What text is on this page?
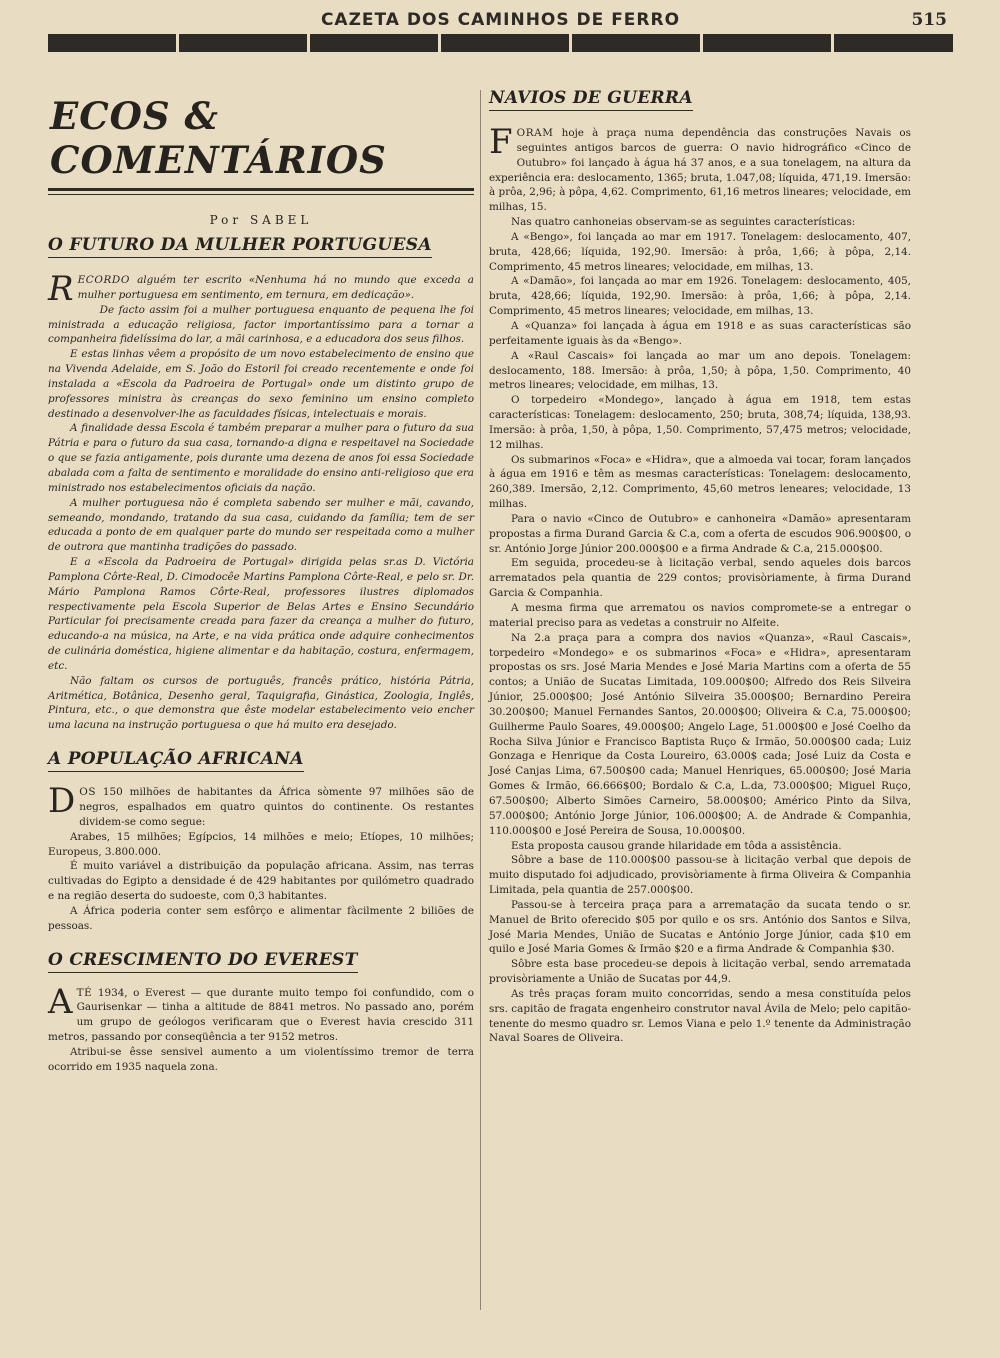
CAZETA DOS CAMINHOS DE FERRO	515
ECOS & COMENTÁRIOS
Por SABEL
O FUTURO DA MULHER PORTUGUESA

RECORDO alguém ter escrito «Nenhuma há no mundo que exceda a mulher portuguesa em sentimento, em ternura, em dedicação».

De facto assim foi a mulher portuguesa enquanto de pequena lhe foi ministrada a educação religiosa, factor importantíssimo para a tornar a companheira fidelíssima do lar, a mãi carinhosa, e a educadora dos seus filhos.

E estas linhas vêem a propósito de um novo estabelecimento de ensino que na Vivenda Adelaide, em S. João do Estoril foi creado recentemente e onde foi instalada a «Escola da Padroeira de Portugal» onde um distinto grupo de professores ministra às creanças do sexo feminino um ensino completo destinado a desenvolver-lhe as faculdades físicas, intelectuais e morais.

A finalidade dessa Escola é também preparar a mulher para o futuro da sua Pátria e para o futuro da sua casa, tornando-a digna e respeitavel na Sociedade o que se fazia antigamente, pois durante uma dezena de anos foi essa Sociedade abalada com a falta de sentimento e moralidade do ensino anti-religioso que era ministrado nos estabelecimentos oficiais da nação.

A mulher portuguesa não é completa sabendo ser mulher e mãi, cavando, semeando, mondando, tratando da sua casa, cuidando da família; tem de ser educada a ponto de em qualquer parte do mundo ser respeitada como a mulher de outrora que mantinha tradições do passado.

E a «Escola da Padroeira de Portugal» dirigida pelas sr.as D. Victória Pamplona Côrte-Real, D. Cimodocêe Martins Pamplona Côrte-Real, e pelo sr. Dr. Mário Pamplona Ramos Côrte-Real, professores ilustres diplomados respectivamente pela Escola Superior de Belas Artes e Ensino Secundário Particular foi precisamente creada para fazer da creança a mulher do futuro, educando-a na música, na Arte, e na vida prática onde adquire conhecimentos de culinária doméstica, higiene alimentar e da habitação, costura, enfermagem, etc.

Não faltam os cursos de português, francês prático, história Pátria, Aritmética, Botânica, Desenho geral, Taquigrafia, Ginástica, Zoologia, Inglês, Pintura, etc., o que demonstra que êste modelar estabelecimento veio encher uma lacuna na instrução portuguesa o que há muito era desejado.

A POPULAÇÃO AFRICANA

DOS 150 milhões de habitantes da África sòmente 97 milhões são de negros, espalhados em quatro quintos do continente. Os restantes dividem-se como segue:

Arabes, 15 milhões; Egípcios, 14 milhões e meio; Etíopes, 10 milhões; Europeus, 3.800.000.

É muito variável a distribuição da população africana. Assim, nas terras cultivadas do Egipto a densidade é de 429 habitantes por quilómetro quadrado e na região deserta do sudoeste, com 0,3 habitantes.

A África poderia conter sem esfôrço e alimentar fàcilmente 2 biliões de pessoas.

O CRESCIMENTO DO EVEREST

ATÉ 1934, o Everest — que durante muito tempo foi confundido, com o Gaurisenkar — tinha a altitude de 8841 metros. No passado ano, porém um grupo de geólogos verificaram que o Everest havia crescido 311 metros, passando por conseqüência a ter 9152 metros.

Atribui-se êsse sensivel aumento a um violentíssimo tremor de terra ocorrido em 1935 naquela zona.

NAVIOS DE GUERRA

FORAM hoje à praça numa dependência das construções Navais os seguintes antigos barcos de guerra: O navio hidrográfico «Cinco de Outubro» foi lançado à água há 37 anos, e a sua tonelagem, na altura da experiência era: deslocamento, 1365; bruta, 1.047,08; líquida, 471,19. Imersão: à prôa, 2,96; à pôpa, 4,62. Comprimento, 61,16 metros lineares; velocidade, em milhas, 15.

Nas quatro canhoneias observam-se as seguintes características:

A «Bengo», foi lançada ao mar em 1917. Tonelagem: deslocamento, 407, bruta, 428,66; líquida, 192,90. Imersão: à prôa, 1,66; à pôpa, 2,14. Comprimento, 45 metros lineares; velocidade, em milhas, 13.

A «Damão», foi lançada ao mar em 1926. Tonelagem: deslocamento, 405, bruta, 428,66; líquida, 192,90. Imersão: à prôa, 1,66; à pôpa, 2,14. Comprimento, 45 metros lineares; velocidade, em milhas, 13.

A «Quanza» foi lançada à água em 1918 e as suas características são perfeitamente iguais às da «Bengo».

A «Raul Cascais» foi lançada ao mar um ano depois. Tonelagem: deslocamento, 188. Imersão: à prôa, 1,50; à pôpa, 1,50. Comprimento, 40 metros lineares; velocidade, em milhas, 13.

O torpedeiro «Mondego», lançado à água em 1918, tem estas características: Tonelagem: deslocamento, 250; bruta, 308,74; líquida, 138,93. Imersão: à prôa, 1,50, à pôpa, 1,50. Comprimento, 57,475 metros; velocidade, 12 milhas.

Os submarinos «Foca» e «Hidra», que a almoeda vai tocar, foram lançados à água em 1916 e têm as mesmas características: Tonelagem: deslocamento, 260,389. Imersão, 2,12. Comprimento, 45,60 metros leneares; velocidade, 13 milhas.

Para o navio «Cinco de Outubro» e canhoneira «Damão» apresentaram propostas a firma Durand Garcia & C.a, com a oferta de escudos 906.900$00, o sr. António Jorge Júnior 200.000$00 e a firma Andrade & C.a, 215.000$00.

Em seguida, procedeu-se à licitação verbal, sendo aqueles dois barcos arrematados pela quantia de 229 contos; provisòriamente, à firma Durand Garcia & Companhia.

A mesma firma que arrematou os navios compromete-se a entregar o material preciso para as vedetas a construir no Alfeite.

Na 2.a praça para a compra dos navios «Quanza», «Raul Cascais», torpedeiro «Mondego» e os submarinos «Foca» e «Hidra», apresentaram propostas os srs. José Maria Mendes e José Maria Martins com a oferta de 55 contos; a União de Sucatas Limitada, 109.000$00; Alfredo dos Reis Silveira Júnior, 25.000$00; José António Silveira 35.000$00; Bernardino Pereira 30.200$00; Manuel Fernandes Santos, 20.000$00; Oliveira & C.a, 75.000$00; Guilherme Paulo Soares, 49.000$00; Angelo Lage, 51.000$00 e José Coelho da Rocha Silva Júnior e Francisco Baptista Ruço & Irmão, 50.000$00 cada; Luiz Gonzaga e Henrique da Costa Loureiro, 63.000$ cada; José Luiz da Costa e José Canjas Lima, 67.500$00 cada; Manuel Henriques, 65.000$00; José Maria Gomes & Irmão, 66.666$00; Bordalo & C.a, L.da, 73.000$00; Miguel Ruço, 67.500$00; Alberto Simões Carneiro, 58.000$00; Américo Pinto da Silva, 57.000$00; António Jorge Júnior, 106.000$00; A. de Andrade & Companhia, 110.000$00 e José Pereira de Sousa, 10.000$00.

Esta proposta causou grande hilaridade em tôda a assistência.

Sôbre a base de 110.000$00 passou-se à licitação verbal que depois de muito disputado foi adjudicado, provisòriamente à firma Oliveira & Companhia Limitada, pela quantia de 257.000$00.

Passou-se à terceira praça para a arrematação da sucata tendo o sr. Manuel de Brito oferecido $05 por quilo e os srs. António dos Santos e Silva, José Maria Mendes, União de Sucatas e António Jorge Júnior, cada $10 em quilo e José Maria Gomes & Irmão $20 e a firma Andrade & Companhia $30.

Sôbre esta base procedeu-se depois à licitação verbal, sendo arrematada provisòriamente a União de Sucatas por 44,9.

As três praças foram muito concorridas, sendo a mesa constituída pelos srs. capitão de fragata engenheiro construtor naval Ávila de Melo; pelo capitão-tenente do mesmo quadro sr. Lemos Viana e pelo 1.º tenente da Administração Naval Soares de Oliveira.
